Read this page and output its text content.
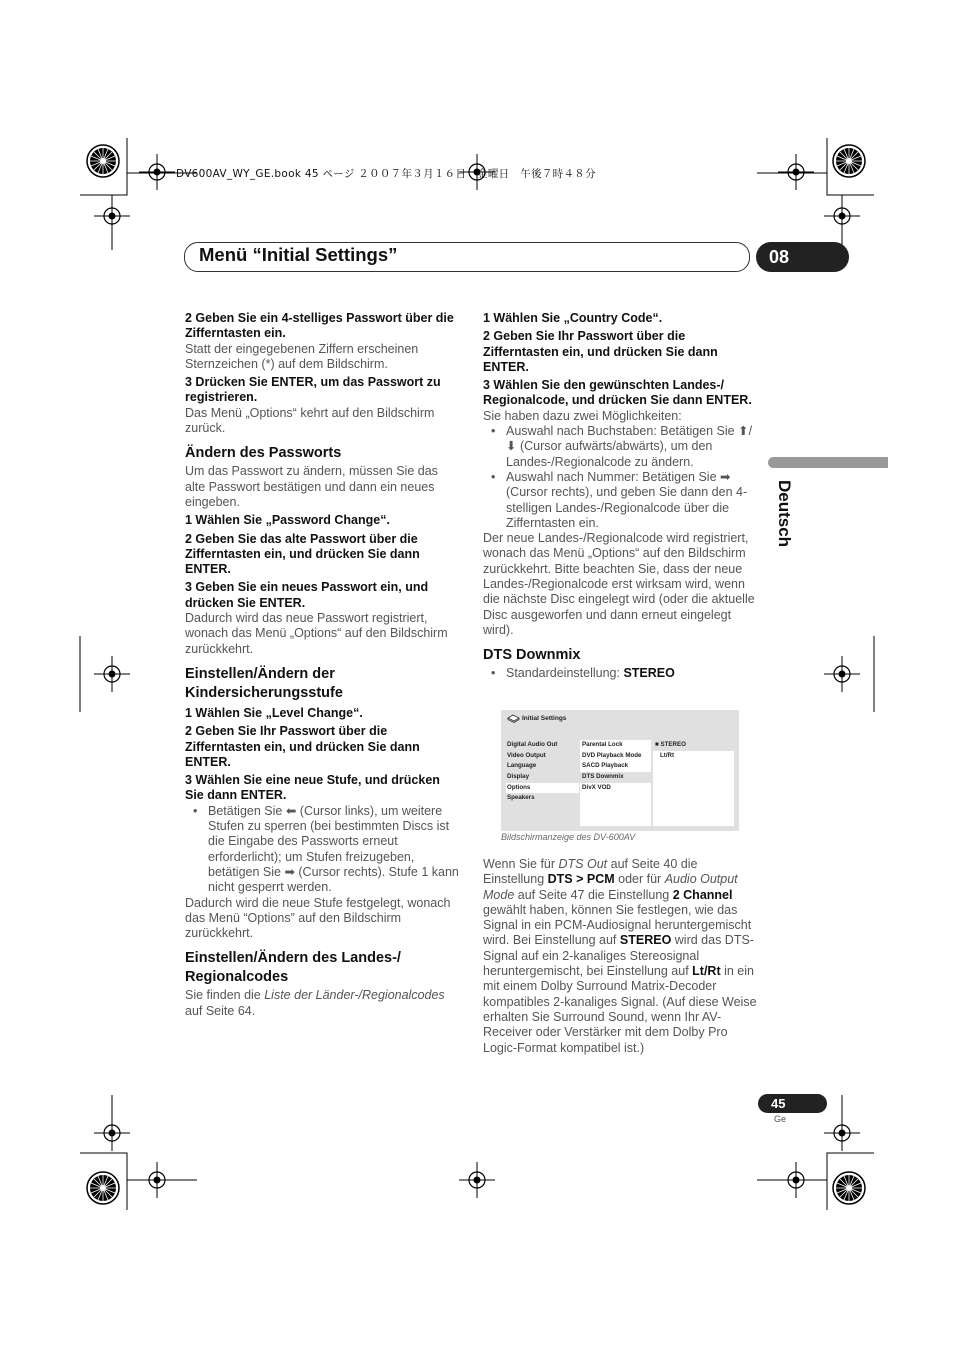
DV600AV_WY_GE.book 45 ページ ２００７年３月１６日　金曜日　午後７時４８分
Menü “Initial Settings”	08
Deutsch

2 Geben Sie ein 4-stelliges Passwort über die Zifferntasten ein.

Statt der eingegebenen Ziffern erscheinen Sternzeichen (*) auf dem Bildschirm.

3 Drücken Sie ENTER, um das Passwort zu registrieren.

Das Menü „Options“ kehrt auf den Bildschirm zurück.

Ändern des Passworts

Um das Passwort zu ändern, müssen Sie das alte Passwort bestätigen und dann ein neues eingeben.

1 Wählen Sie „Password Change“.

2 Geben Sie das alte Passwort über die Zifferntasten ein, und drücken Sie dann ENTER.

3 Geben Sie ein neues Passwort ein, und drücken Sie ENTER.

Dadurch wird das neue Passwort registriert, wonach das Menü „Options“ auf den Bildschirm zurückkehrt.

Einstellen/Ändern der Kindersicherungsstufe

1 Wählen Sie „Level Change“.

2 Geben Sie Ihr Passwort über die Zifferntasten ein, und drücken Sie dann ENTER.

3 Wählen Sie eine neue Stufe, und drücken Sie dann ENTER.

• Betätigen Sie ⬅ (Cursor links), um weitere Stufen zu sperren (bei bestimmten Discs ist die Eingabe des Passworts erneut erforderlicht); um Stufen freizugeben, betätigen Sie ➡ (Cursor rechts). Stufe 1 kann nicht gesperrt werden.

Dadurch wird die neue Stufe festgelegt, wonach das Menü “Options” auf den Bildschirm zurückkehrt.

Einstellen/Ändern des Landes-/ Regionalcodes

Sie finden die Liste der Länder-/Regionalcodes auf Seite 64.

1 Wählen Sie „Country Code“.

2 Geben Sie Ihr Passwort über die Zifferntasten ein, und drücken Sie dann ENTER.

3 Wählen Sie den gewünschten Landes-/ Regionalcode, und drücken Sie dann ENTER.

Sie haben dazu zwei Möglichkeiten:

• Auswahl nach Buchstaben: Betätigen Sie ⬆/⬇ (Cursor aufwärts/abwärts), um den Landes-/Regionalcode zu ändern.

• Auswahl nach Nummer: Betätigen Sie ➡ (Cursor rechts), und geben Sie dann den 4-stelligen Landes-/Regionalcode über die Zifferntasten ein.

Der neue Landes-/Regionalcode wird registriert, wonach das Menü „Options“ auf den Bildschirm zurückkehrt. Bitte beachten Sie, dass der neue Landes-/Regionalcode erst wirksam wird, wenn die nächste Disc eingelegt wird (oder die aktuelle Disc ausgeworfen und dann erneut eingelegt wird).

DTS Downmix

• Standardeinstellung: STEREO

Initial Settings
Digital Audio Out
Video Output
Language
Display
Options
Speakers
Parental Lock
DVD Playback Mode
SACD Playback
DTS Downmix
DivX VOD
■ STEREO
Lt/Rt
Bildschirmanzeige des DV-600AV

Wenn Sie für DTS Out auf Seite 40 die Einstellung DTS > PCM oder für Audio Output Mode auf Seite 47 die Einstellung 2 Channel gewählt haben, können Sie festlegen, wie das Signal in ein PCM-Audiosignal heruntergemischt wird. Bei Einstellung auf STEREO wird das DTS-Signal auf ein 2-kanaliges Stereosignal heruntergemischt, bei Einstellung auf Lt/Rt in ein mit einem Dolby Surround Matrix-Decoder kompatibles 2-kanaliges Signal. (Auf diese Weise erhalten Sie Surround Sound, wenn Ihr AV-Receiver oder Verstärker mit dem Dolby Pro Logic-Format kompatibel ist.)

45
Ge
